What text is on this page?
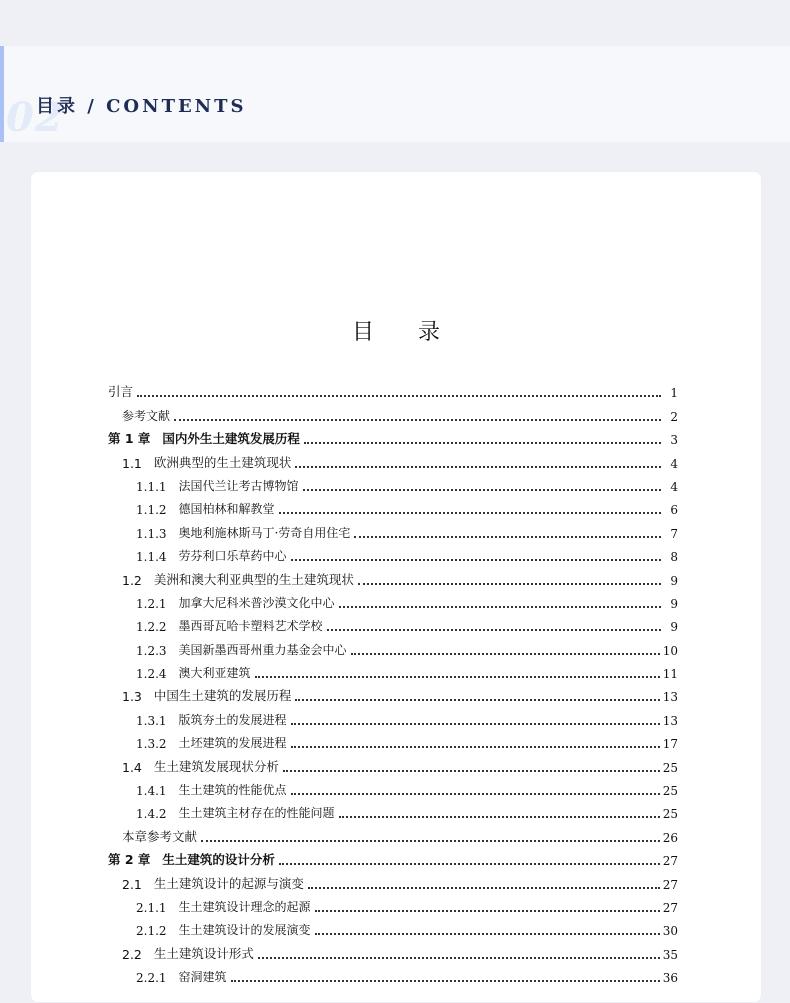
02
目录 / CONTENTS
目录
引言	1
参考文献	2
第 1 章 国内外生土建筑发展历程	3
1.1 欧洲典型的生土建筑现状	4
1.1.1 法国代兰让考古博物馆	4
1.1.2 德国柏林和解教堂	6
1.1.3 奥地利施林斯马丁·劳奇自用住宅	7
1.1.4 劳芬利口乐草药中心	8
1.2 美洲和澳大利亚典型的生土建筑现状	9
1.2.1 加拿大尼科米普沙漠文化中心	9
1.2.2 墨西哥瓦哈卡塑料艺术学校	9
1.2.3 美国新墨西哥州重力基金会中心	10
1.2.4 澳大利亚建筑	11
1.3 中国生土建筑的发展历程	13
1.3.1 版筑夯土的发展进程	13
1.3.2 土坯建筑的发展进程	17
1.4 生土建筑发展现状分析	25
1.4.1 生土建筑的性能优点	25
1.4.2 生土建筑主材存在的性能问题	25
本章参考文献	26
第 2 章 生土建筑的设计分析	27
2.1 生土建筑设计的起源与演变	27
2.1.1 生土建筑设计理念的起源	27
2.1.2 生土建筑设计的发展演变	30
2.2 生土建筑设计形式	35
2.2.1 窑洞建筑	36
